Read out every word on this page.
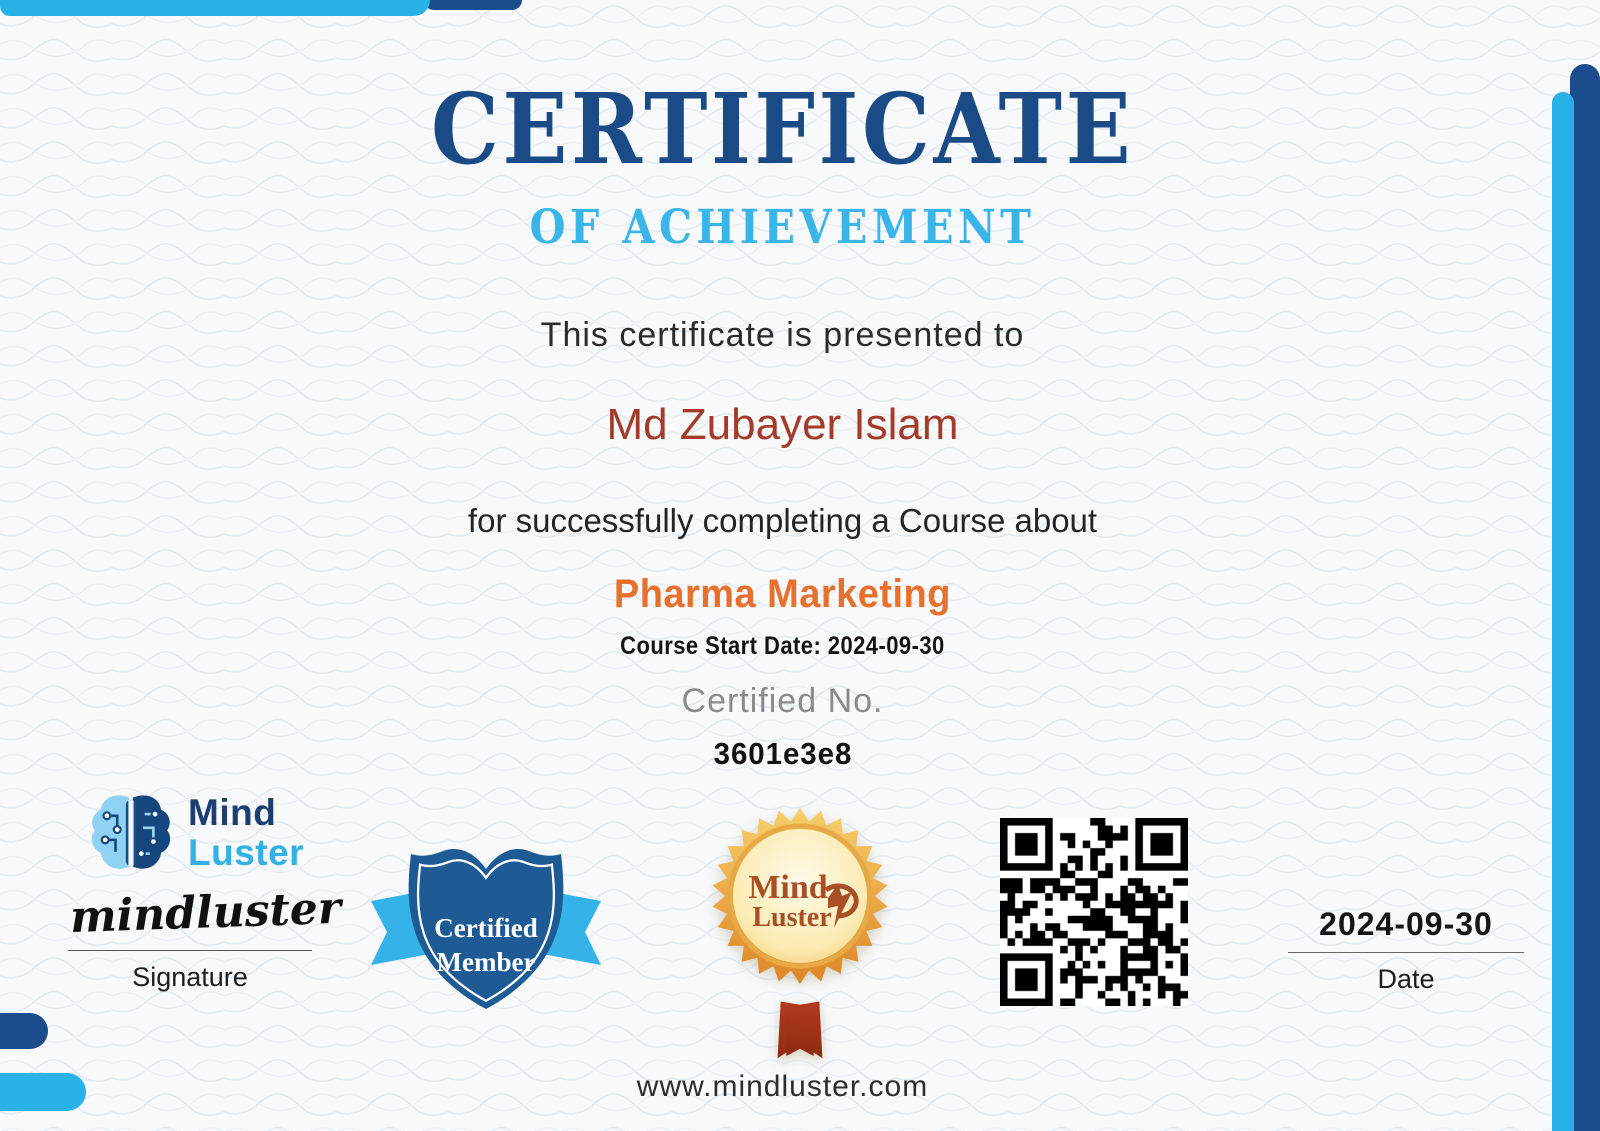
CERTIFICATE
OF ACHIEVEMENT
This certificate is presented to
Md Zubayer Islam
for successfully completing a Course about
Pharma Marketing
Course Start Date: 2024-09-30
Certified No.
3601e3e8
www.mindluster.com
Mind
Luster
mindluster
Signature
Certified
Member
Mind
Luster	2024-09-30
Date
